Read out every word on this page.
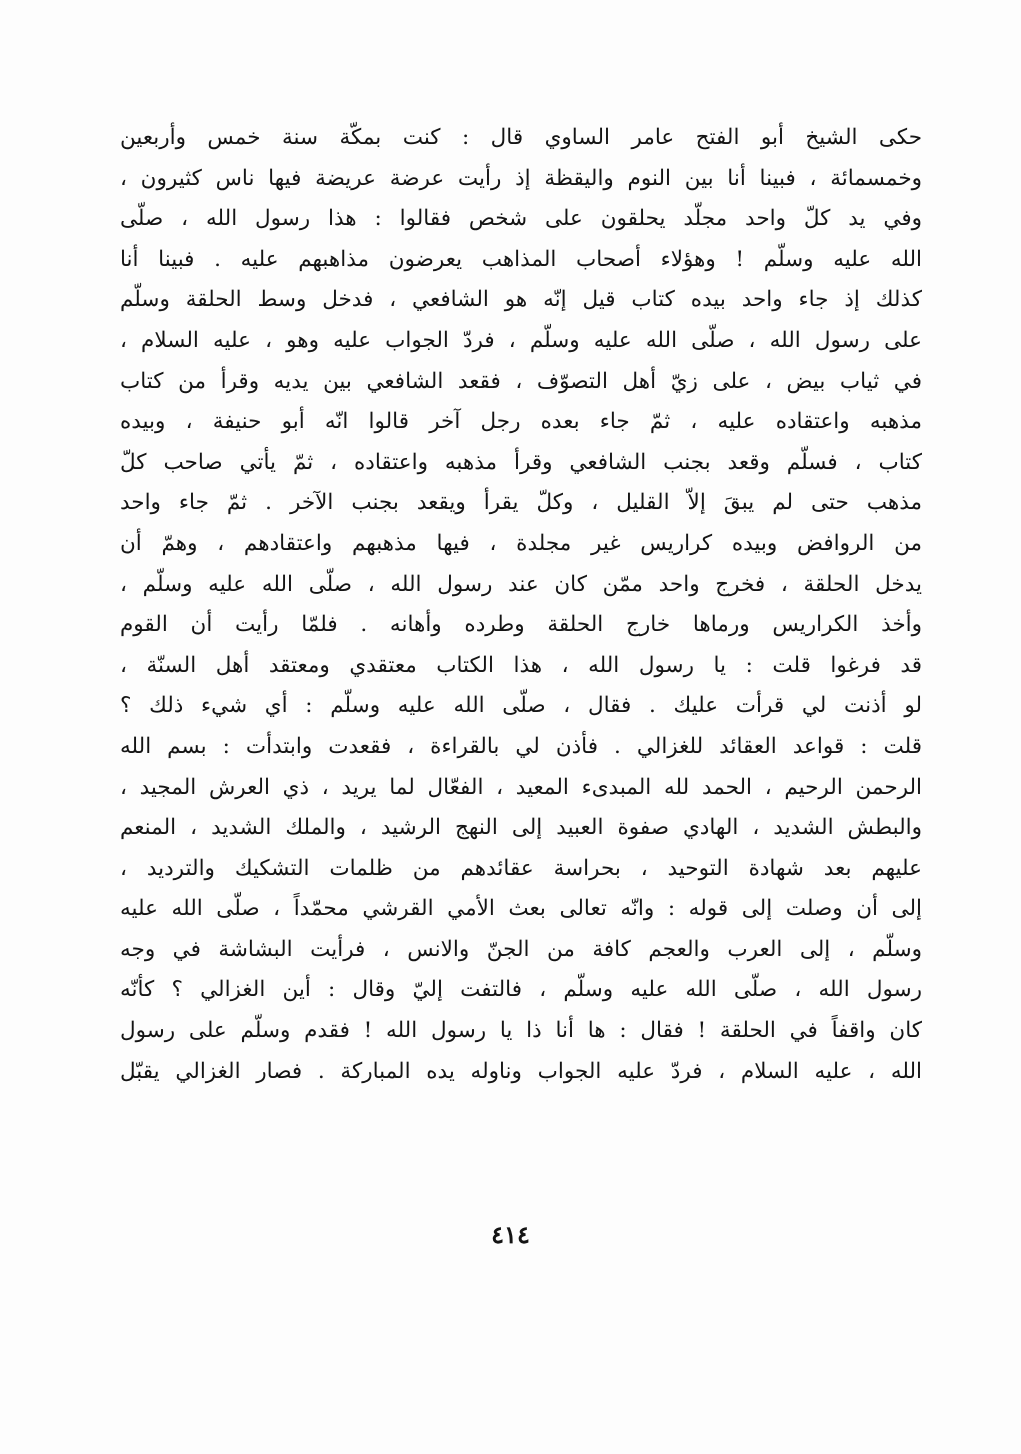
حكى الشيخ أبو الفتح عامر الساوي قال : كنت بمكّة سنة خمس وأربعين
وخمسمائة ، فبينا أنا بين النوم واليقظة إذ رأيت عرضة عريضة فيها ناس كثيرون ،
وفي يد كلّ واحد مجلّد يحلقون على شخص فقالوا : هذا رسول الله ، صلّى
الله عليه وسلّم ! وهؤلاء أصحاب المذاهب يعرضون مذاهبهم عليه . فبينا أنا
كذلك إذ جاء واحد بيده كتاب قيل إنّه هو الشافعي ، فدخل وسط الحلقة وسلّم
على رسول الله ، صلّى الله عليه وسلّم ، فردّ الجواب عليه وهو ، عليه السلام ،
في ثياب بيض ، على زيّ أهل التصوّف ، فقعد الشافعي بين يديه وقرأ من كتاب
مذهبه واعتقاده عليه ، ثمّ جاء بعده رجل آخر قالوا انّه أبو حنيفة ، وبيده
كتاب ، فسلّم وقعد بجنب الشافعي وقرأ مذهبه واعتقاده ، ثمّ يأتي صاحب كلّ
مذهب حتى لم يبقَ إلاّ القليل ، وكلّ يقرأ ويقعد بجنب الآخر . ثمّ جاء واحد
من الروافض وبيده كراريس غير مجلدة ، فيها مذهبهم واعتقادهم ، وهمّ أن
يدخل الحلقة ، فخرج واحد ممّن كان عند رسول الله ، صلّى الله عليه وسلّم ،
وأخذ الكراريس ورماها خارج الحلقة وطرده وأهانه . فلمّا رأيت أن القوم
قد فرغوا قلت : يا رسول الله ، هذا الكتاب معتقدي ومعتقد أهل السنّة ،
لو أذنت لي قرأت عليك . فقال ، صلّى الله عليه وسلّم : أي شيء ذلك ؟
قلت : قواعد العقائد للغزالي . فأذن لي بالقراءة ، فقعدت وابتدأت : بسم الله
الرحمن الرحيم ، الحمد لله المبدىء المعيد ، الفعّال لما يريد ، ذي العرش المجيد ،
والبطش الشديد ، الهادي صفوة العبيد إلى النهج الرشيد ، والملك الشديد ، المنعم
عليهم بعد شهادة التوحيد ، بحراسة عقائدهم من ظلمات التشكيك والترديد ،
إلى أن وصلت إلى قوله : وانّه تعالى بعث الأمي القرشي محمّداً ، صلّى الله عليه
وسلّم ، إلى العرب والعجم كافة من الجنّ والانس ، فرأيت البشاشة في وجه
رسول الله ، صلّى الله عليه وسلّم ، فالتفت إليّ وقال : أين الغزالي ؟ كأنّه
كان واقفاً في الحلقة ! فقال : ها أنا ذا يا رسول الله ! فقدم وسلّم على رسول
الله ، عليه السلام ، فردّ عليه الجواب وناوله يده المباركة . فصار الغزالي يقبّل
٤١٤
